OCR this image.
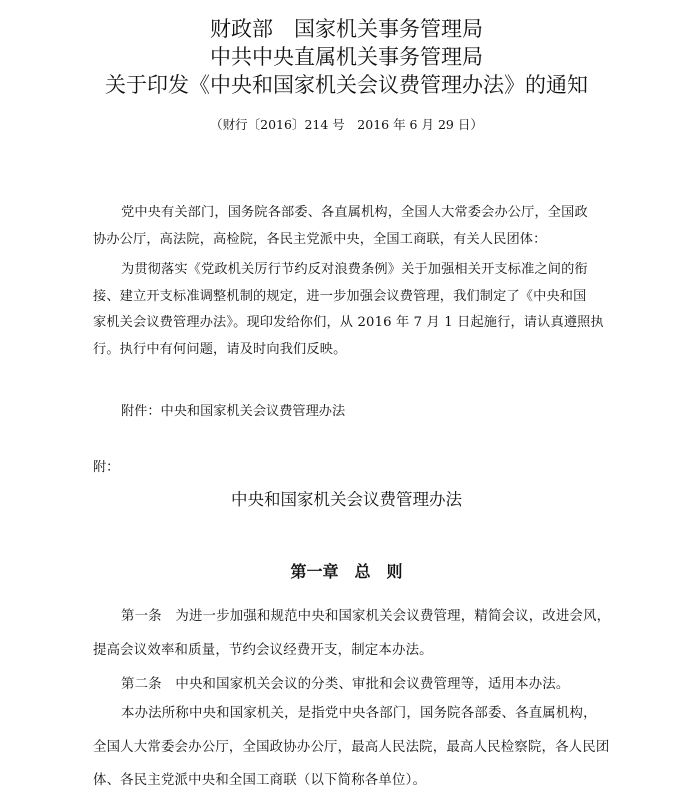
财政部　国家机关事务管理局
中共中央直属机关事务管理局
关于印发《中央和国家机关会议费管理办法》的通知
（财行〔2016〕214 号　2016 年 6 月 29 日）
党中央有关部门，国务院各部委、各直属机构，全国人大常委会办公厅，全国政
协办公厅，高法院，高检院，各民主党派中央，全国工商联，有关人民团体：
为贯彻落实《党政机关厉行节约反对浪费条例》关于加强相关开支标准之间的衔
接、建立开支标准调整机制的规定，进一步加强会议费管理，我们制定了《中央和国
家机关会议费管理办法》。现印发给你们，从 2016 年 7 月 1 日起施行，请认真遵照执
行。执行中有何问题，请及时向我们反映。
附件：中央和国家机关会议费管理办法
附：
中央和国家机关会议费管理办法
第一章　总　则
第一条　为进一步加强和规范中央和国家机关会议费管理，精简会议，改进会风，
提高会议效率和质量，节约会议经费开支，制定本办法。
第二条　中央和国家机关会议的分类、审批和会议费管理等，适用本办法。
本办法所称中央和国家机关，是指党中央各部门，国务院各部委、各直属机构，
全国人大常委会办公厅，全国政协办公厅，最高人民法院，最高人民检察院，各人民团
体、各民主党派中央和全国工商联（以下简称各单位）。
